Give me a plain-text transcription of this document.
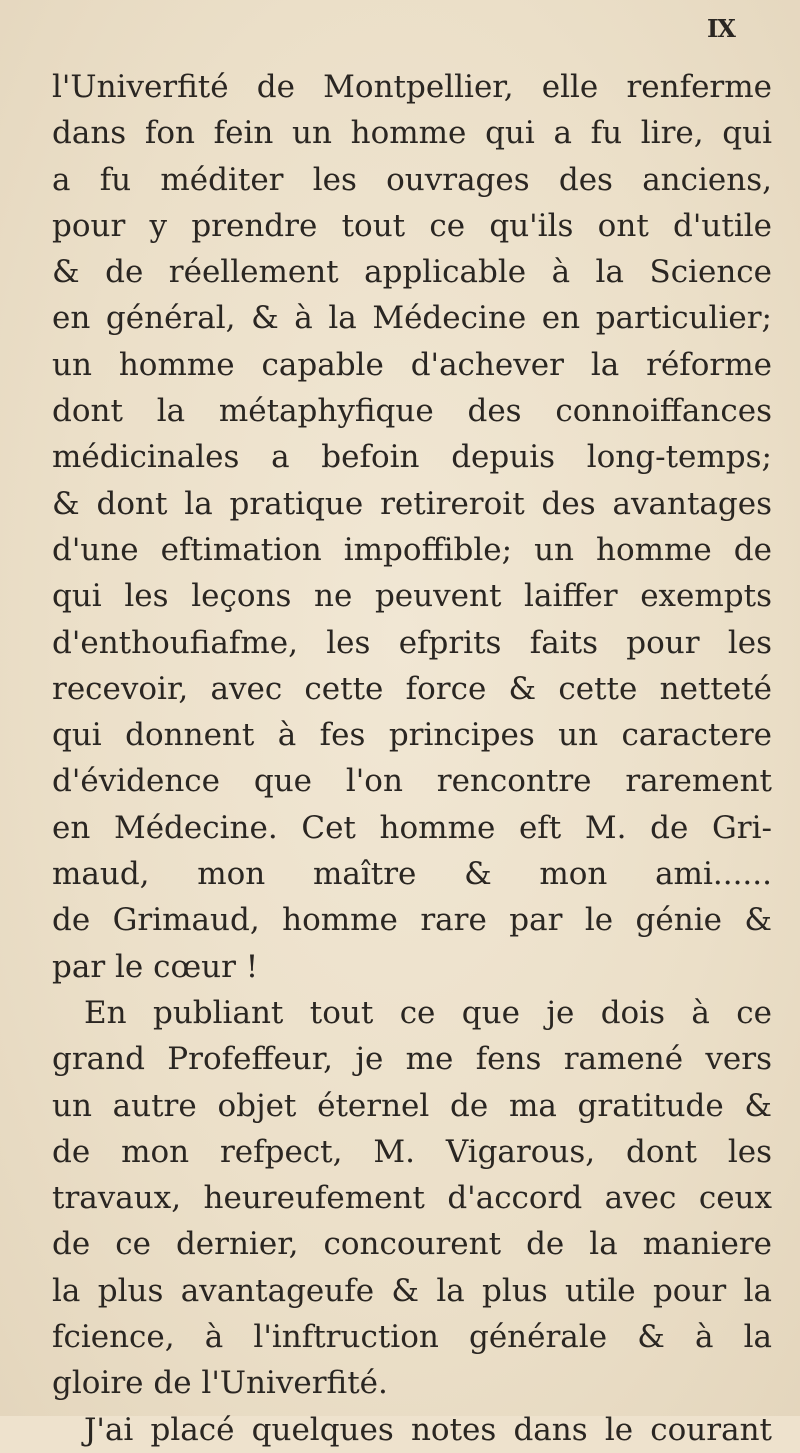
IX
l'Univerfité de Montpellier, elle renferme
dans fon fein un homme qui a fu lire, qui
a fu méditer les ouvrages des anciens,
pour y prendre tout ce qu'ils ont d'utile
& de réellement applicable à la Science
en général, & à la Médecine en particulier;
un homme capable d'achever la réforme
dont la métaphyfique des connoiffances
médicinales a befoin depuis long-temps;
& dont la pratique retireroit des avantages
d'une eftimation impoffible; un homme de
qui les leçons ne peuvent laiffer exempts
d'enthoufiafme, les efprits faits pour les
recevoir, avec cette force & cette netteté
qui donnent à fes principes un caractere
d'évidence que l'on rencontre rarement
en Médecine. Cet homme eft M. de Gri-
maud, mon maître & mon ami......
de Grimaud, homme rare par le génie &
par le cœur !
En publiant tout ce que je dois à ce
grand Profeffeur, je me fens ramené vers
un autre objet éternel de ma gratitude &
de mon refpect, M. Vigarous, dont les
travaux, heureufement d'accord avec ceux
de ce dernier, concourent de la maniere
la plus avantageufe & la plus utile pour la
fcience, à l'inftruction générale & à la
gloire de l'Univerfité.
J'ai placé quelques notes dans le courant
